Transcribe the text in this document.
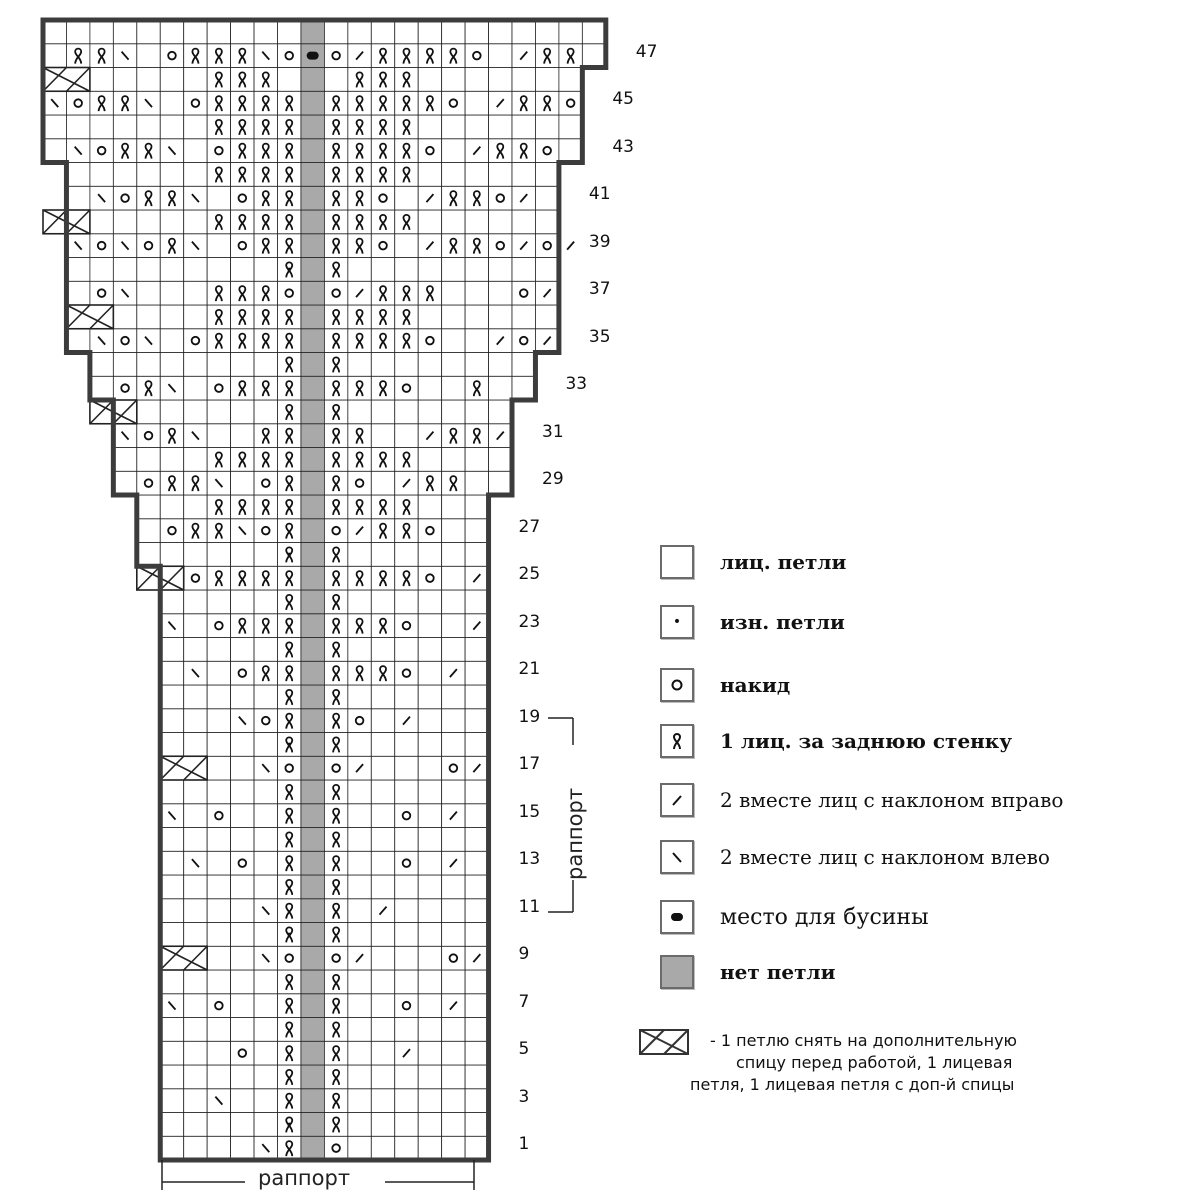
47
45
43
41
39
37
35
33
31
29
27
25
23
21
19
17
15
13
11
9
7
5
3
1
раппорт
раппорт
лиц. петли
• изн. петли
накид
1 лиц. за заднюю стенку
2 вместе лиц с наклоном вправо
2 вместе лиц с наклоном влево
место для бусины
нет петли
- 1 петлю снять на дополнительную
спицу перед работой, 1 лицевая
петля, 1 лицевая петля с доп-й спицы
